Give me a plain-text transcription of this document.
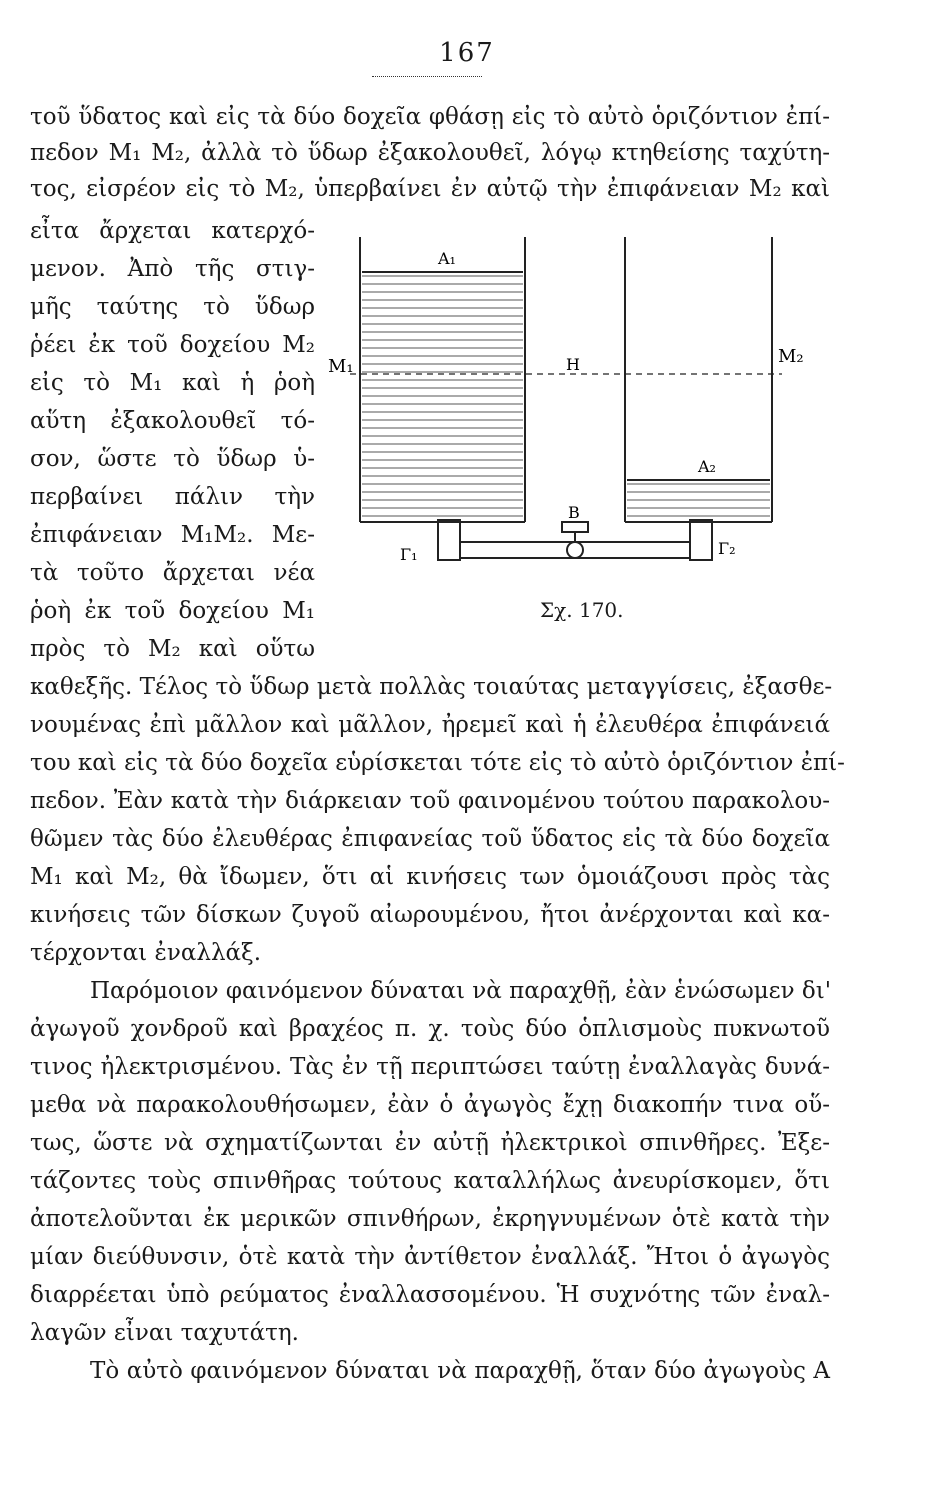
167

τοῦ ὕδατος καὶ εἰς τὰ δύο δοχεῖα φθάσῃ εἰς τὸ αὐτὸ ὁριζόντιον ἐπί-

πεδον Μ₁ Μ₂, ἀλλὰ τὸ ὕδωρ ἐξακολουθεῖ, λόγῳ κτηθείσης ταχύτη-

τος, εἰσρέον εἰς τὸ Μ₂, ὑπερβαίνει ἐν αὐτῷ τὴν ἐπιφάνειαν Μ₂ καὶ

εἶτα ἄρχεται κατερχό-

μενον. Ἀπὸ τῆς στιγ-

μῆς ταύτης τὸ ὕδωρ

ῥέει ἐκ τοῦ δοχείου Μ₂

εἰς τὸ Μ₁ καὶ ἡ ῥοὴ

αὕτη ἐξακολουθεῖ τό-

σον, ὥστε τὸ ὕδωρ ὑ-

περβαίνει πάλιν τὴν

ἐπιφάνειαν Μ₁Μ₂. Με-

τὰ τοῦτο ἄρχεται νέα

ῥοὴ ἐκ τοῦ δοχείου Μ₁

πρὸς τὸ Μ₂ καὶ οὕτω

καθεξῆς. Τέλος τὸ ὕδωρ μετὰ πολλὰς τοιαύτας μεταγγίσεις, ἐξασθε-

νουμένας ἐπὶ μᾶλλον καὶ μᾶλλον, ἠρεμεῖ καὶ ἡ ἐλευθέρα ἐπιφάνειά

του καὶ εἰς τὰ δύο δοχεῖα εὑρίσκεται τότε εἰς τὸ αὐτὸ ὁριζόντιον ἐπί-

πεδον. Ἐὰν κατὰ τὴν διάρκειαν τοῦ φαινομένου τούτου παρακολου-

θῶμεν τὰς δύο ἐλευθέρας ἐπιφανείας τοῦ ὕδατος εἰς τὰ δύο δοχεῖα

Μ₁ καὶ Μ₂, θὰ ἴδωμεν, ὅτι αἱ κινήσεις των ὁμοιάζουσι πρὸς τὰς

κινήσεις τῶν δίσκων ζυγοῦ αἰωρουμένου, ἤτοι ἀνέρχονται καὶ κα-

τέρχονται ἐναλλάξ.

Παρόμοιον φαινόμενον δύναται νὰ παραχθῇ, ἐὰν ἑνώσωμεν δι'

ἀγωγοῦ χονδροῦ καὶ βραχέος π. χ. τοὺς δύο ὁπλισμοὺς πυκνωτοῦ

τινος ἠλεκτρισμένου. Τὰς ἐν τῇ περιπτώσει ταύτῃ ἐναλλαγὰς δυνά-

μεθα νὰ παρακολουθήσωμεν, ἐὰν ὁ ἀγωγὸς ἔχῃ διακοπήν τινα οὕ-

τως, ὥστε νὰ σχηματίζωνται ἐν αὐτῇ ἠλεκτρικοὶ σπινθῆρες. Ἐξε-

τάζοντες τοὺς σπινθῆρας τούτους καταλλήλως ἀνευρίσκομεν, ὅτι

ἀποτελοῦνται ἐκ μερικῶν σπινθήρων, ἐκρηγνυμένων ὁτὲ κατὰ τὴν

μίαν διεύθυνσιν, ὁτὲ κατὰ τὴν ἀντίθετον ἐναλλάξ. Ἤτοι ὁ ἀγωγὸς

διαρρέεται ὑπὸ ρεύματος ἐναλλασσομένου. Ἡ συχνότης τῶν ἐναλ-

λαγῶν εἶναι ταχυτάτη.

Τὸ αὐτὸ φαινόμενον δύναται νὰ παραχθῇ, ὅταν δύο ἀγωγοὺς Α

A₁
A₂
M₁	M₂
H
B
Γ₁	Γ₂
Σχ. 170.
